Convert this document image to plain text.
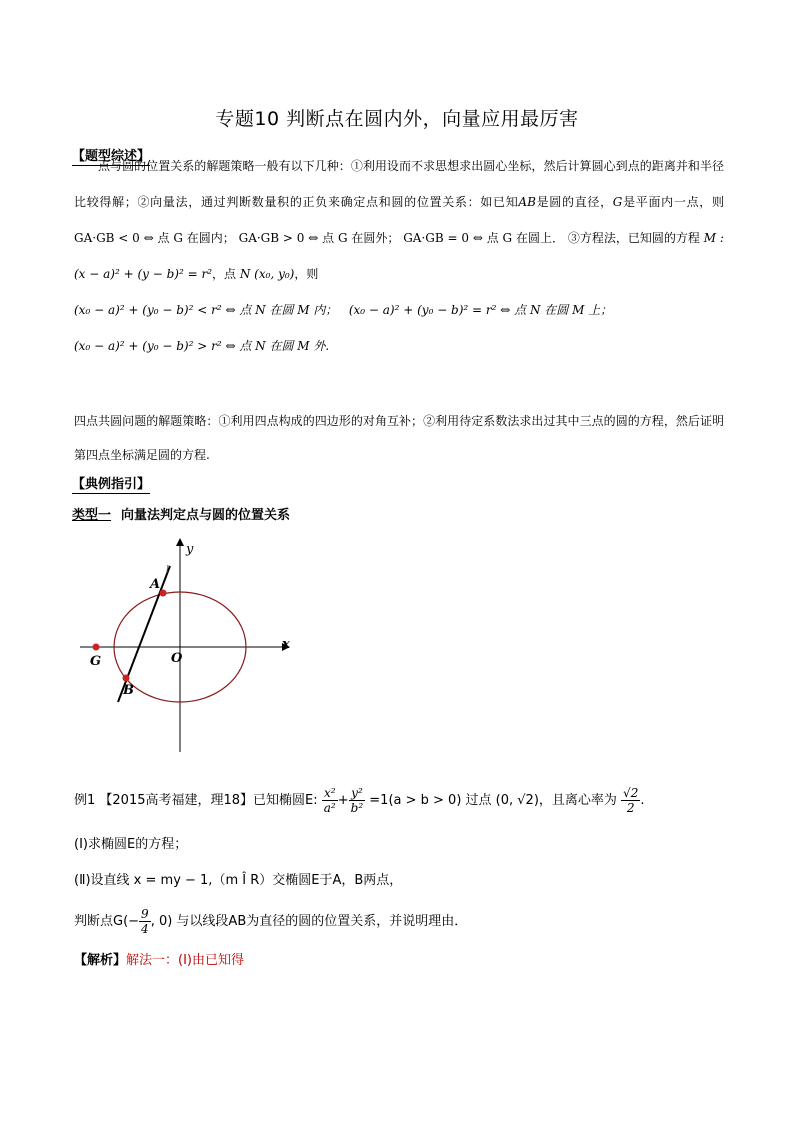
专题10 判断点在圆内外，向量应用最厉害
【题型综述】
点与圆的位置关系的解题策略一般有以下几种：①利用设而不求思想求出圆心坐标，然后计算圆心到点的距离并和半径比较得解；②向量法，通过判断数量积的正负来确定点和圆的位置关系：如已知AB是圆的直径，G是平面内一点，则 GA·GB < 0 ⇔ 点 G 在圆内； GA·GB > 0 ⇔ 点 G 在圆外； GA·GB = 0 ⇔ 点 G 在圆上． ③方程法，已知圆的方程 M : (x − a)² + (y − b)² = r²，点 N (x₀, y₀)，则
(x₀ − a)² + (y₀ − b)² < r² ⇔ 点 N 在圆 M 内； (x₀ − a)² + (y₀ − b)² = r² ⇔ 点 N 在圆 M 上；
(x₀ − a)² + (y₀ − b)² > r² ⇔ 点 N 在圆 M 外.
四点共圆问题的解题策略：①利用四点构成的四边形的对角互补；②利用待定系数法求出过其中三点的圆的方程，然后证明第四点坐标满足圆的方程.
【典例指引】
类型一 向量法判定点与圆的位置关系
y
x
A
l
B
G	O
例1 【2015高考福建，理18】已知椭圆E: $\frac{\text{x²}}{\text{a²}} + \frac{\text{y²}}{\text{b²}} =1(a > b > 0)$ 过点 (0, √2)，且离心率为 $\frac{√2}{2}$ .
(Ⅰ)求椭圆E的方程；
(Ⅱ)设直线 x = my − 1,（m Î R）交椭圆E于A，B两点，
判断点$G(- \frac{9}{4}$ , 0) 与以线段AB为直径的圆的位置关系，并说明理由．
【解析】解法一：(Ⅰ)由已知得
